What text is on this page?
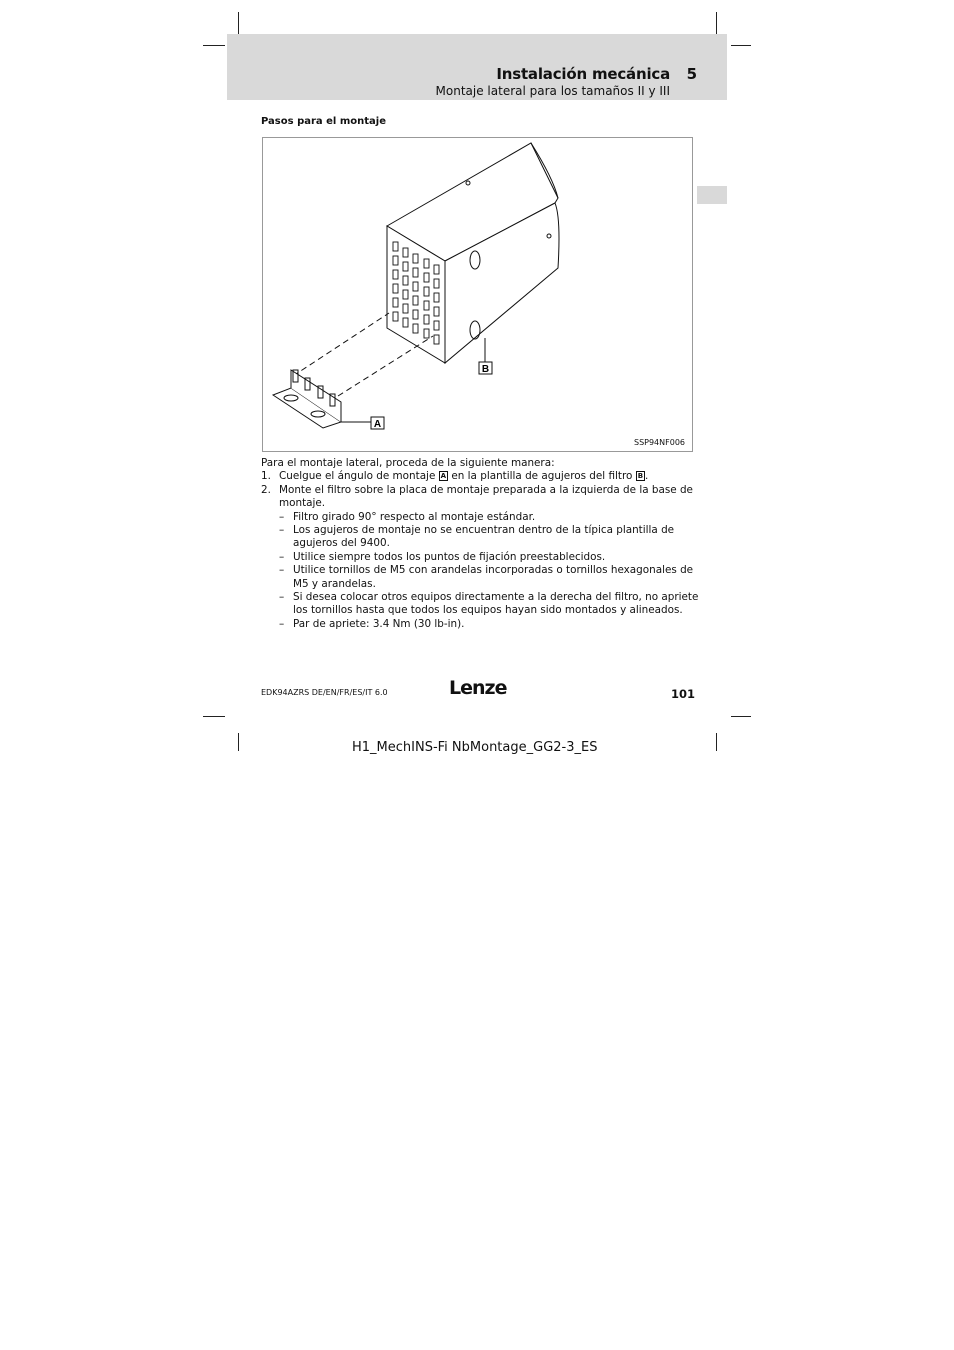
Instalación mecánica 5
Montaje lateral para los tamaños II y III
Pasos para el montaje
B
A
SSP94NF006

Para el montaje lateral, proceda de la siguiente manera:

1. Cuelgue el ángulo de montaje A en la plantilla de agujeros del filtro B .
2. Monte el filtro sobre la placa de montaje preparada a la izquierda de la base de montaje.
– Filtro girado 90° respecto al montaje estándar.
– Los agujeros de montaje no se encuentran dentro de la típica plantilla de agujeros del 9400.
– Utilice siempre todos los puntos de fijación preestablecidos.
– Utilice tornillos de M5 con arandelas incorporadas o tornillos hexagonales de M5 y arandelas.
– Si desea colocar otros equipos directamente a la derecha del filtro, no apriete los tornillos hasta que todos los equipos hayan sido montados y alineados.
– Par de apriete: 3.4 Nm (30 lb-in).
EDK94AZRS DE/EN/FR/ES/IT 6.0	Lenze	101
H1_MechINS-Fi NbMontage_GG2-3_ES
